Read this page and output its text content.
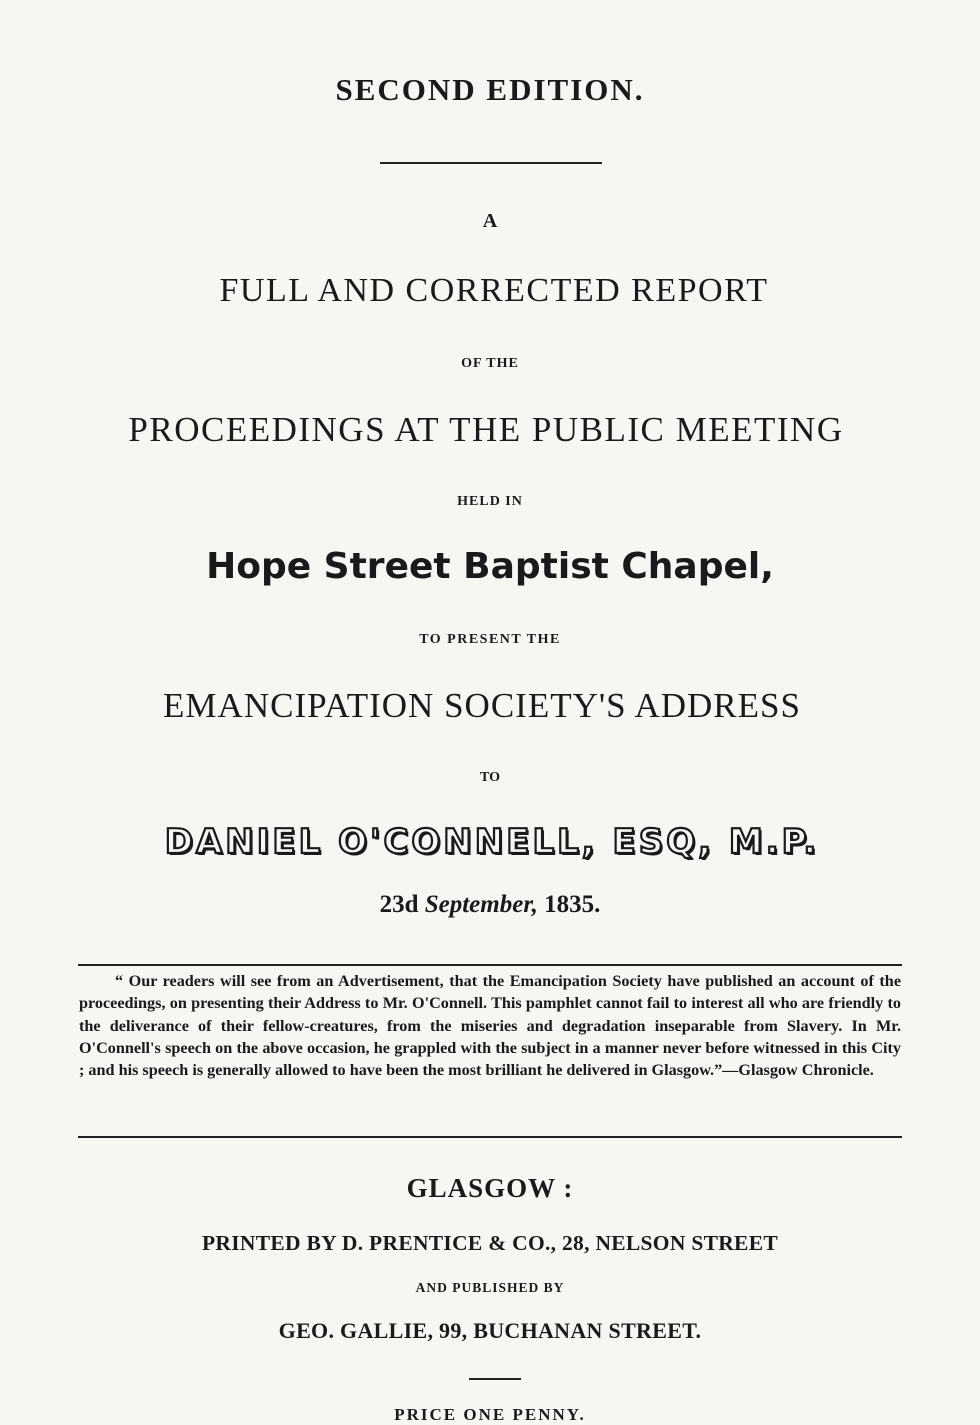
SECOND EDITION.
A
FULL AND CORRECTED REPORT
OF THE
PROCEEDINGS AT THE PUBLIC MEETING
HELD IN
Hope Street Baptist Chapel,
TO PRESENT THE
EMANCIPATION SOCIETY'S ADDRESS
TO
DANIEL O'CONNELL, ESQ, M.P.
23d September, 1835.
“ Our readers will see from an Advertisement, that the Emancipation Society have published an account of the proceedings, on presenting their Address to Mr. O'Connell. This pamphlet cannot fail to interest all who are friendly to the deliverance of their fellow-creatures, from the miseries and degradation inseparable from Slavery. In Mr. O'Connell's speech on the above occasion, he grappled with the subject in a manner never before witnessed in this City ; and his speech is generally allowed to have been the most brilliant he delivered in Glasgow.”—Glasgow Chronicle.
GLASGOW :
PRINTED BY D. PRENTICE & CO., 28, NELSON STREET
AND PUBLISHED BY
GEO. GALLIE, 99, BUCHANAN STREET.
PRICE ONE PENNY.
